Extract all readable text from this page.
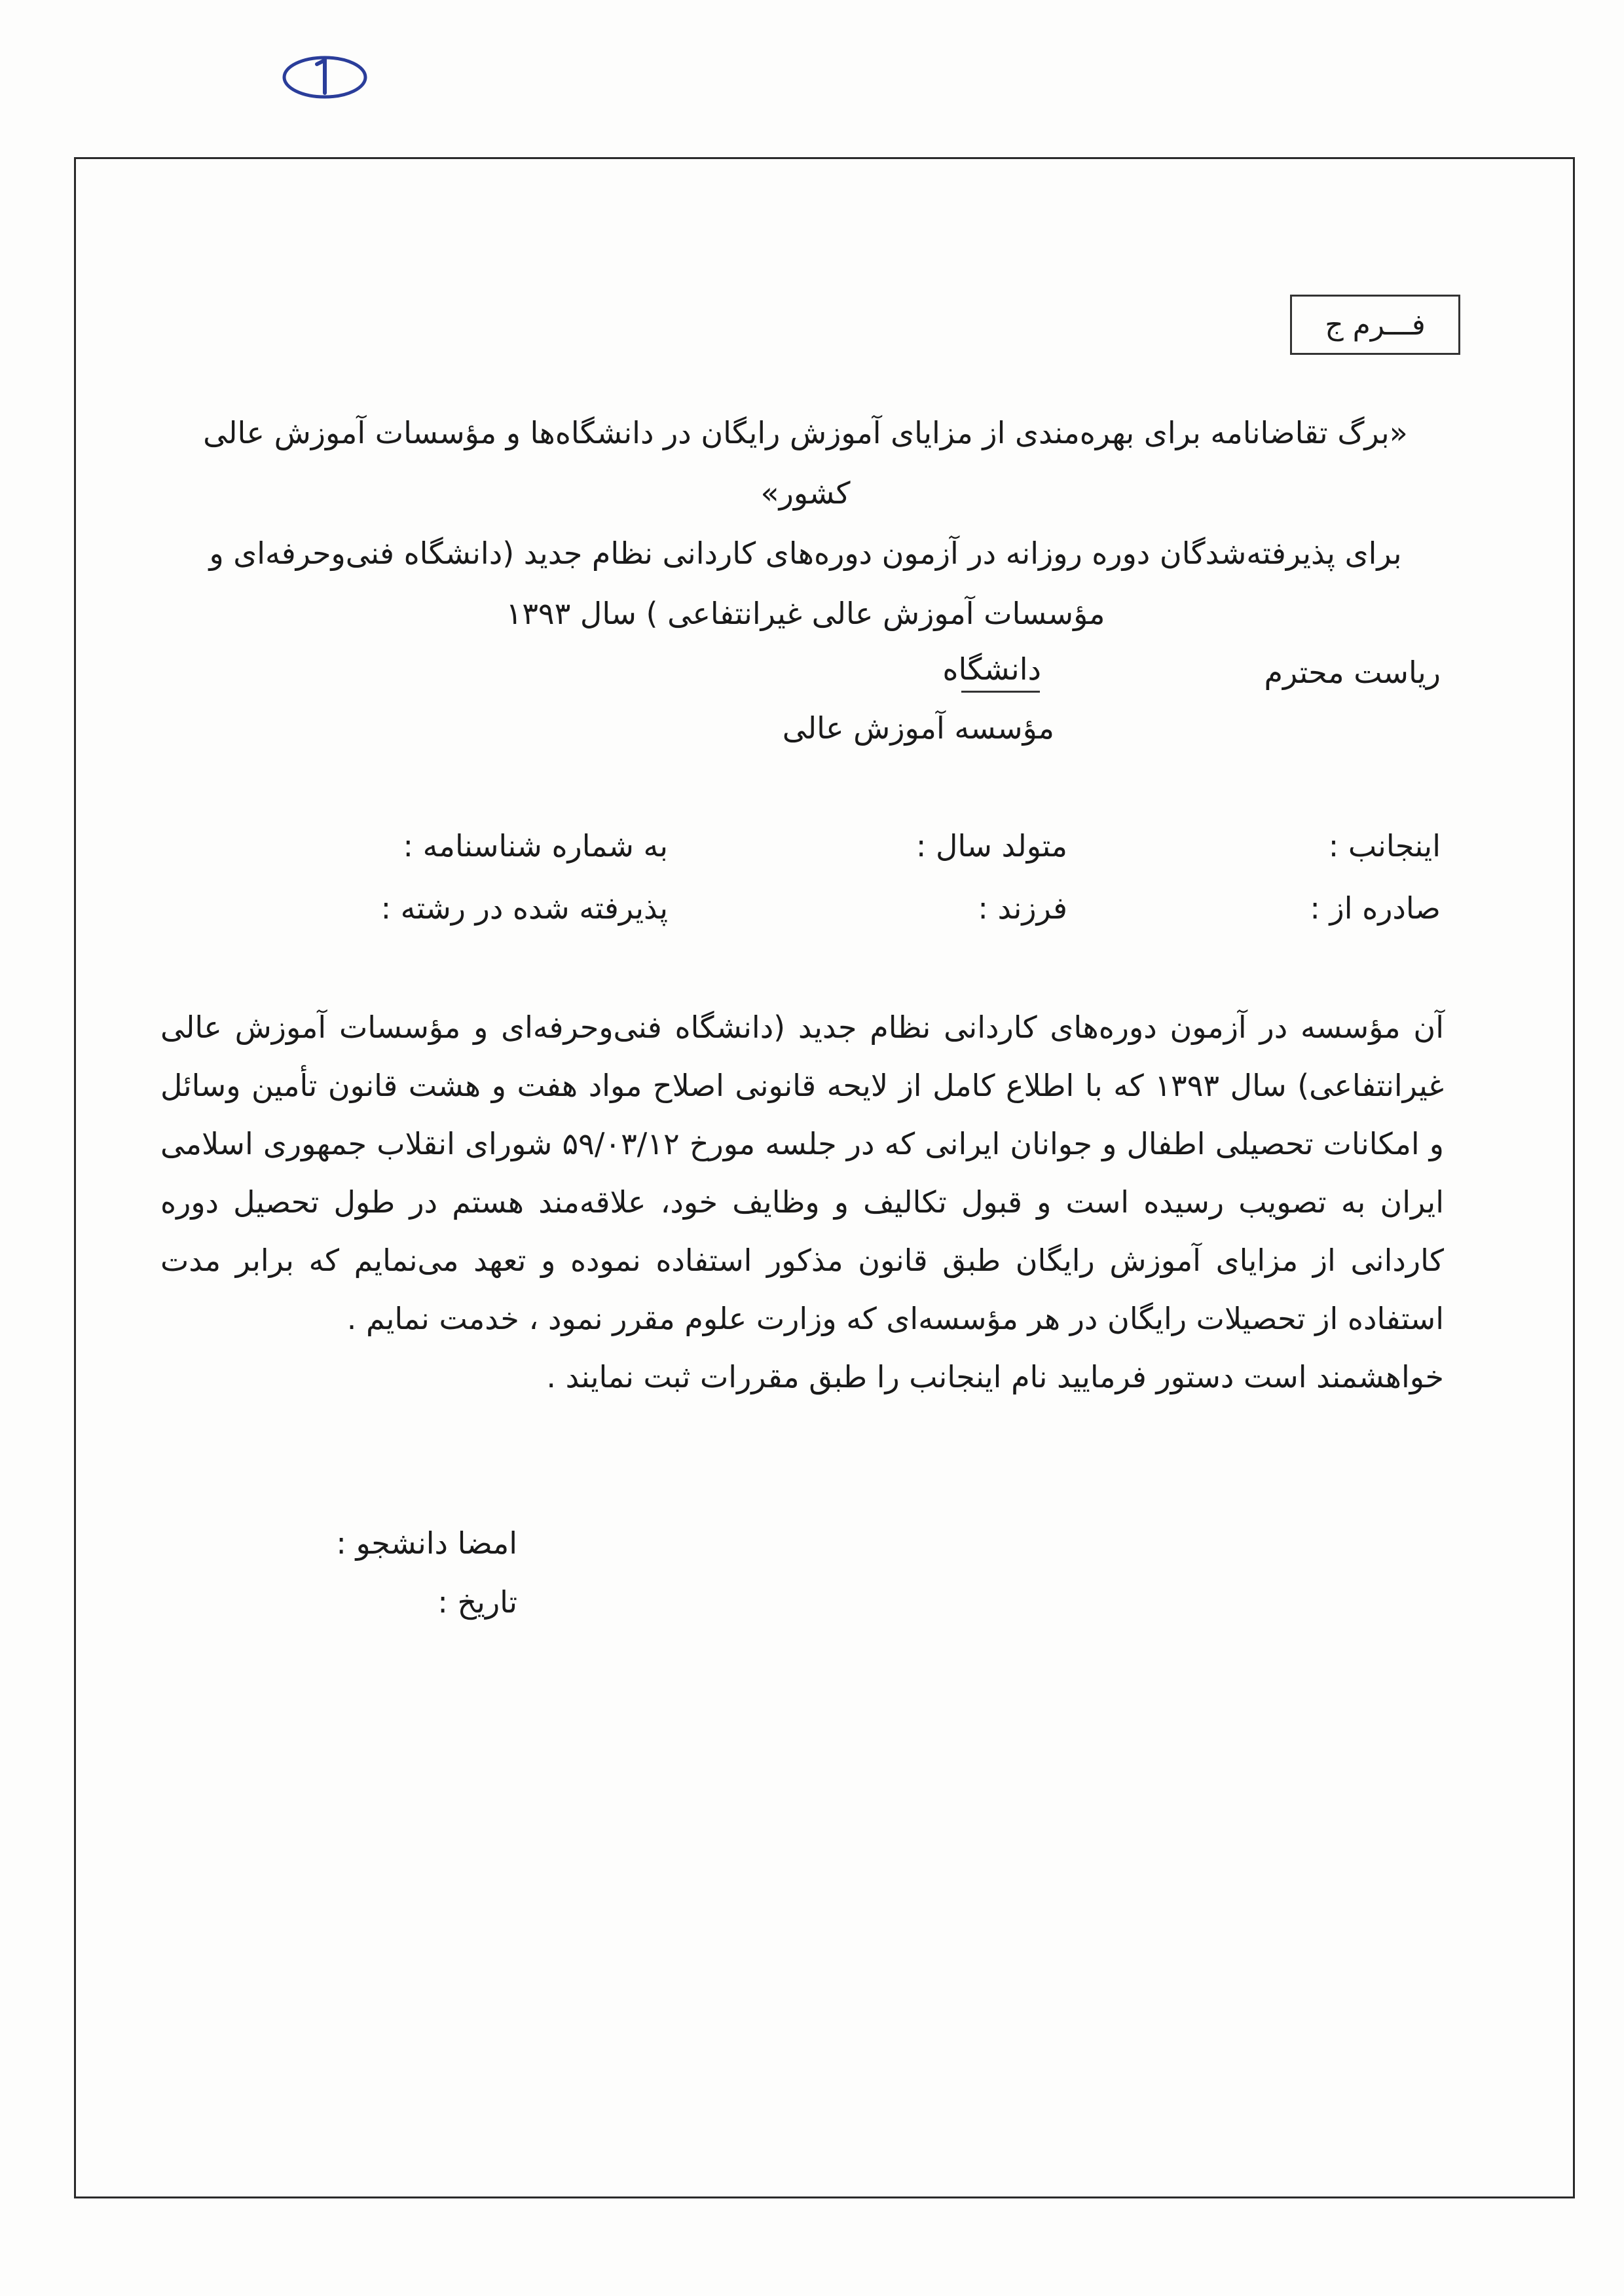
فـــرم ج
«برگ تقاضانامه برای بهره‌مندی از مزایای آموزش رایگان در دانشگاه‌ها و مؤسسات آموزش عالی کشور»
برای پذیرفته‌شدگان دوره روزانه در آزمون دوره‌های کاردانی نظام جدید (دانشگاه فنی‌وحرفه‌ای و
مؤسسات آموزش عالی غیرانتفاعی ) سال ۱۳۹۳
ریاست محترم
دانشگاه
مؤسسه آموزش عالی
اینجانب :
متولد سال :
به شماره شناسنامه :
صادره از :
فرزند :
پذیرفته شده در رشته :

آن مؤسسه در آزمون دوره‌های کاردانی نظام جدید (دانشگاه فنی‌وحرفه‌ای و مؤسسات آموزش عالی غیرانتفاعی) سال ۱۳۹۳ که با اطلاع کامل از لایحه قانونی اصلاح مواد هفت و هشت قانون تأمین وسائل و امکانات تحصیلی اطفال و جوانان ایرانی که در جلسه مورخ ۵۹/۰۳/۱۲ شورای انقلاب جمهوری اسلامی ایران به تصویب رسیده است و قبول تکالیف و وظایف خود، علاقه‌مند هستم در طول تحصیل دوره کاردانی از مزایای آموزش رایگان طبق قانون مذکور استفاده نموده و تعهد می‌نمایم که برابر مدت استفاده از تحصیلات رایگان در هر مؤسسه‌ای که وزارت علوم مقرر نمود ، خدمت نمایم .

خواهشمند است دستور فرمایید نام اینجانب را طبق مقررات ثبت نمایند .

امضا دانشجو :
تاریخ :
